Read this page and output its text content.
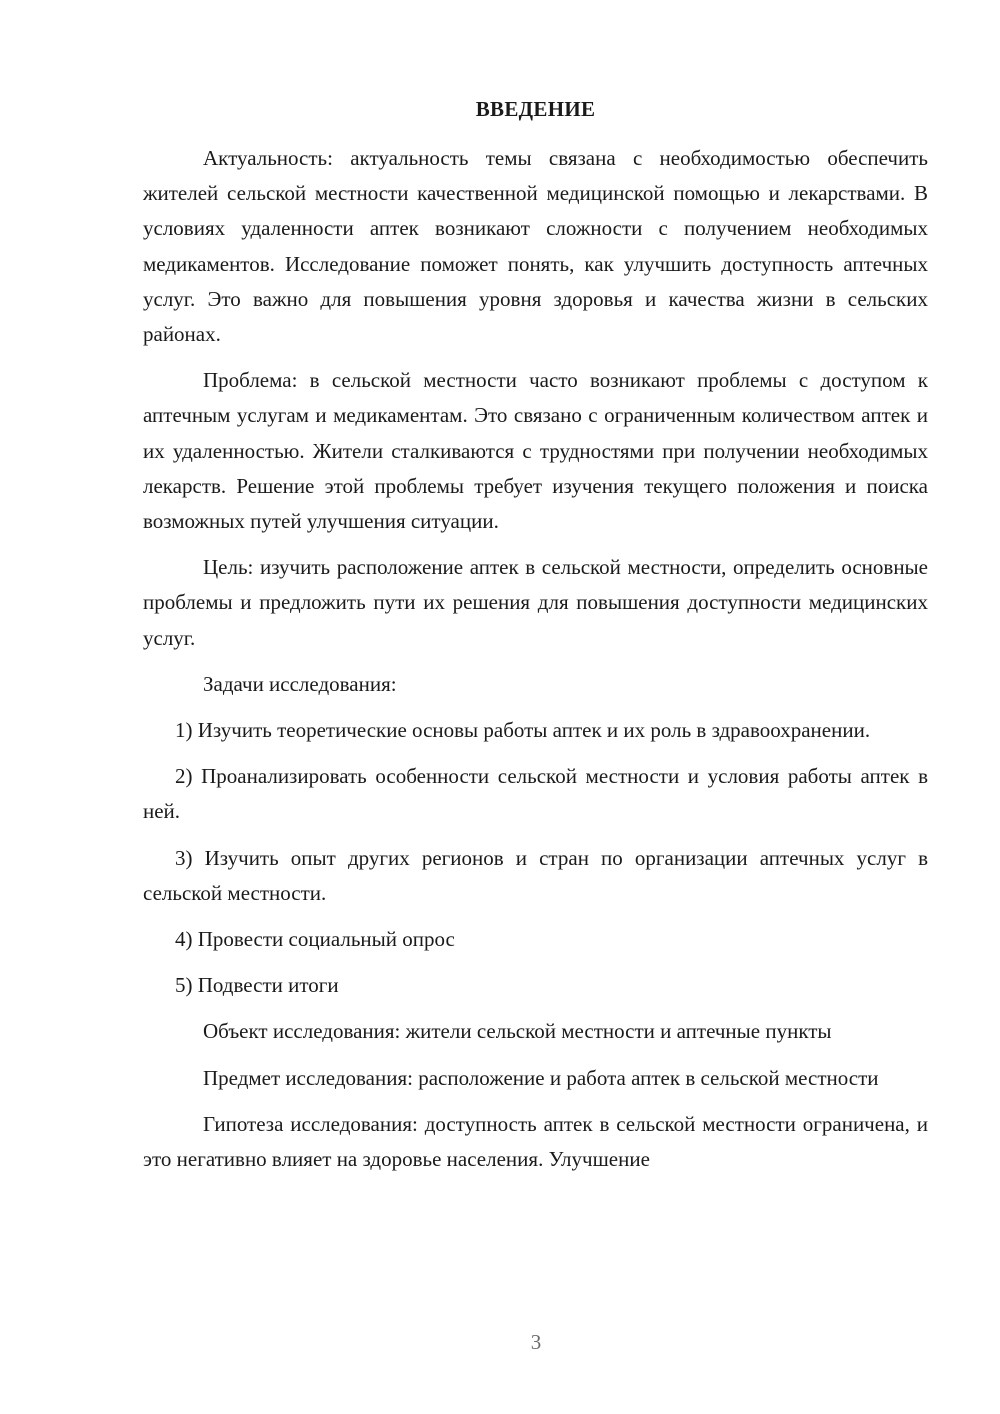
ВВЕДЕНИЕ

Актуальность: актуальность темы связана с необходимостью обеспечить жителей сельской местности качественной медицинской помощью и лекарствами. В условиях удаленности аптек возникают сложности с получением необходимых медикаментов. Исследование поможет понять, как улучшить доступность аптечных услуг. Это важно для повышения уровня здоровья и качества жизни в сельских районах.

Проблема: в сельской местности часто возникают проблемы с доступом к аптечным услугам и медикаментам. Это связано с ограниченным количеством аптек и их удаленностью. Жители сталкиваются с трудностями при получении необходимых лекарств. Решение этой проблемы требует изучения текущего положения и поиска возможных путей улучшения ситуации.

Цель: изучить расположение аптек в сельской местности, определить основные проблемы и предложить пути их решения для повышения доступности медицинских услуг.

Задачи исследования:

1) Изучить теоретические основы работы аптек и их роль в здравоохранении.

2) Проанализировать особенности сельской местности и условия работы аптек в ней.

3) Изучить опыт других регионов и стран по организации аптечных услуг в сельской местности.

4) Провести социальный опрос

5) Подвести итоги

Объект исследования: жители сельской местности и аптечные пункты

Предмет исследования: расположение и работа аптек в сельской местности

Гипотеза исследования: доступность аптек в сельской местности ограничена, и это негативно влияет на здоровье населения. Улучшение

3
